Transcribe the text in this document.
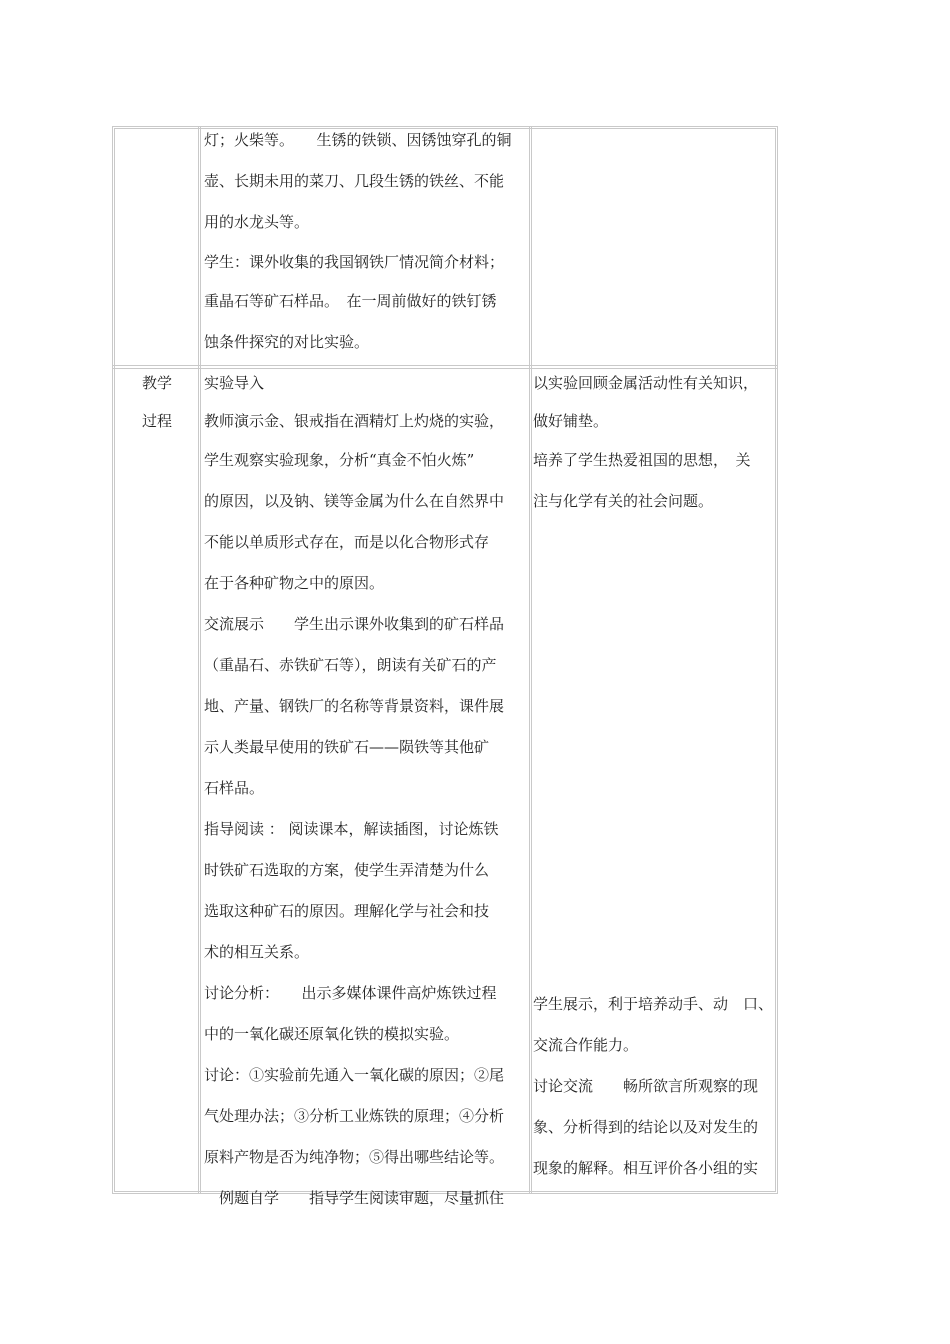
灯；火柴等。　　生锈的铁锁、因锈蚀穿孔的铜
壶、长期未用的菜刀、几段生锈的铁丝、不能
用的水龙头等。
学生：课外收集的我国钢铁厂情况简介材料；
重晶石等矿石样品。　在一周前做好的铁钉锈
蚀条件探究的对比实验。
教学
过程
实验导入
教师演示金、银戒指在酒精灯上灼烧的实验，
学生观察实验现象，分析“真金不怕火炼”
的原因，以及钠、镁等金属为什么在自然界中
不能以单质形式存在，而是以化合物形式存
在于各种矿物之中的原因。
交流展示　　学生出示课外收集到的矿石样品
（重晶石、赤铁矿石等），朗读有关矿石的产
地、产量、钢铁厂的名称等背景资料，课件展
示人类最早使用的铁矿石——陨铁等其他矿
石样品。
指导阅读 ： 阅读课本，解读插图，讨论炼铁
时铁矿石选取的方案，使学生弄清楚为什么
选取这种矿石的原因。理解化学与社会和技
术的相互关系。
讨论分析：　　出示多媒体课件高炉炼铁过程
中的一氧化碳还原氧化铁的模拟实验。
讨论：①实验前先通入一氧化碳的原因；②尾
气处理办法；③分析工业炼铁的原理；④分析
原料产物是否为纯净物；⑤得出哪些结论等。
　例题自学　　指导学生阅读审题，尽量抓住
以实验回顾金属活动性有关知识，
做好铺垫。
培养了学生热爱祖国的思想，　关
注与化学有关的社会问题。
学生展示，利于培养动手、动　口、
交流合作能力。
讨论交流　　畅所欲言所观察的现
象、分析得到的结论以及对发生的
现象的解释。相互评价各小组的实
